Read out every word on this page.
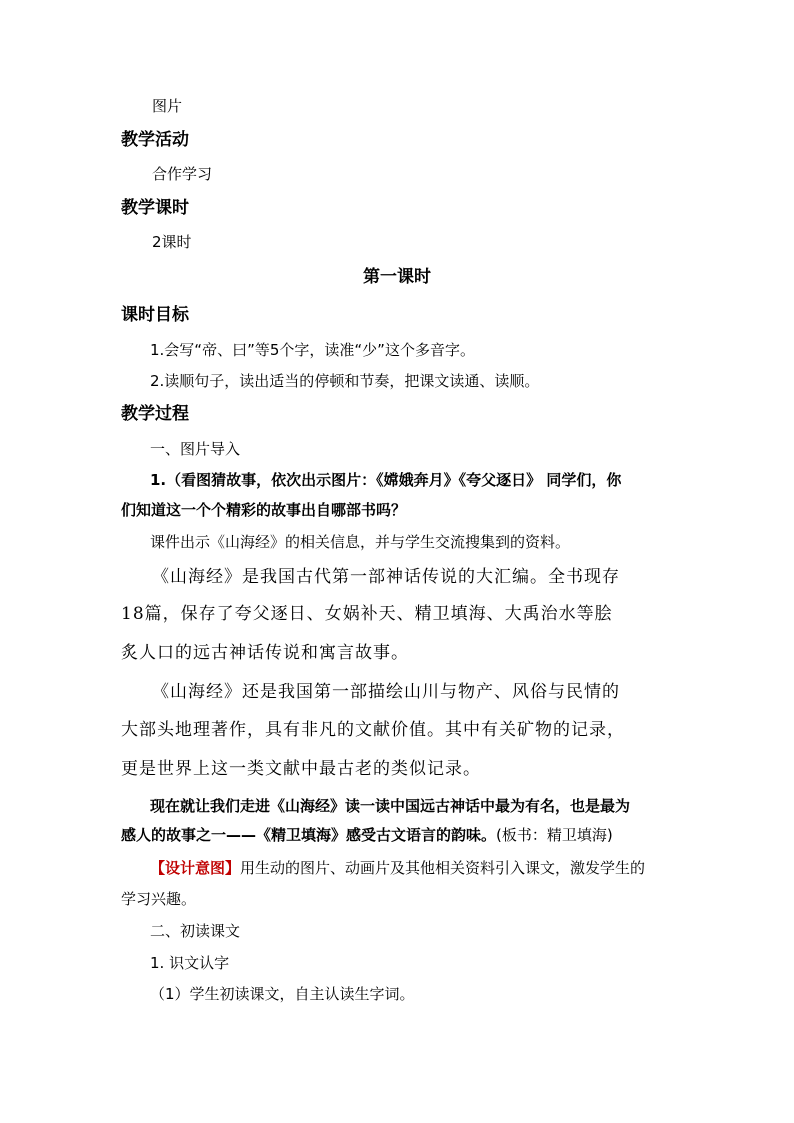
图片
教学活动
合作学习
教学课时
2课时
第一课时
课时目标
1.会写“帝、曰”等5个字，读准“少”这个多音字。
2.读顺句子，读出适当的停顿和节奏，把课文读通、读顺。
教学过程
一、图片导入
1.（看图猜故事，依次出示图片：《嫦娥奔月》《夸父逐日》 同学们，你
们知道这一个个精彩的故事出自哪部书吗？
课件出示《山海经》的相关信息，并与学生交流搜集到的资料。
《山海经》是我国古代第一部神话传说的大汇编。全书现存
18篇，保存了夸父逐日、女娲补天、精卫填海、大禹治水等脍
炙人口的远古神话传说和寓言故事。
《山海经》还是我国第一部描绘山川与物产、风俗与民情的
大部头地理著作，具有非凡的文献价值。其中有关矿物的记录，
更是世界上这一类文献中最古老的类似记录。
现在就让我们走进《山海经》读一读中国远古神话中最为有名，也是最为
感人的故事之一——《精卫填海》感受古文语言的韵味。(板书：精卫填海)
【设计意图】用生动的图片、动画片及其他相关资料引入课文，激发学生的
学习兴趣。
二、初读课文
1. 识文认字
（1）学生初读课文，自主认读生字词。
